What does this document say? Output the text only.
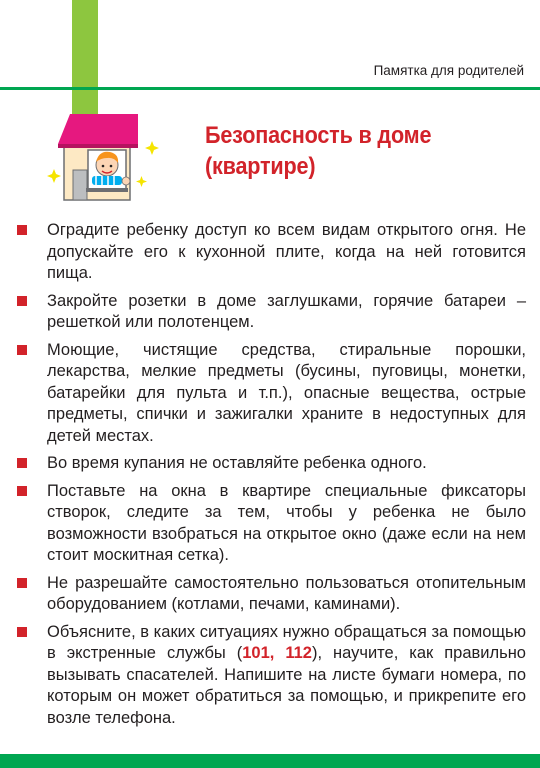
Памятка для родителей
Безопасность в доме
(квартире)
Оградите ребенку доступ ко всем видам открытого огня. Не допускайте его к кухонной плите, когда на ней готовится пища.
Закройте розетки в доме заглушками, горячие батареи – решеткой или полотенцем.
Моющие, чистящие средства, стиральные порошки, лекарства, мелкие предметы (бусины, пуговицы, монетки, батарейки для пульта и т.п.), опасные вещества, острые предметы, спички и зажигалки храните в недоступных для детей местах.
Во время купания не оставляйте ребенка одного.
Поставьте на окна в квартире специальные фиксаторы створок, следите за тем, чтобы у ребенка не было возможности взобраться на открытое окно (даже если на нем стоит москитная сетка).
Не разрешайте самостоятельно пользоваться отопительным оборудованием (котлами, печами, каминами).
Объясните, в каких ситуациях нужно обращаться за помощью в экстренные службы (101, 112), научите, как правильно вызывать спасателей. Напишите на листе бумаги номера, по которым он может обратиться за помощью, и прикрепите его возле телефона.
